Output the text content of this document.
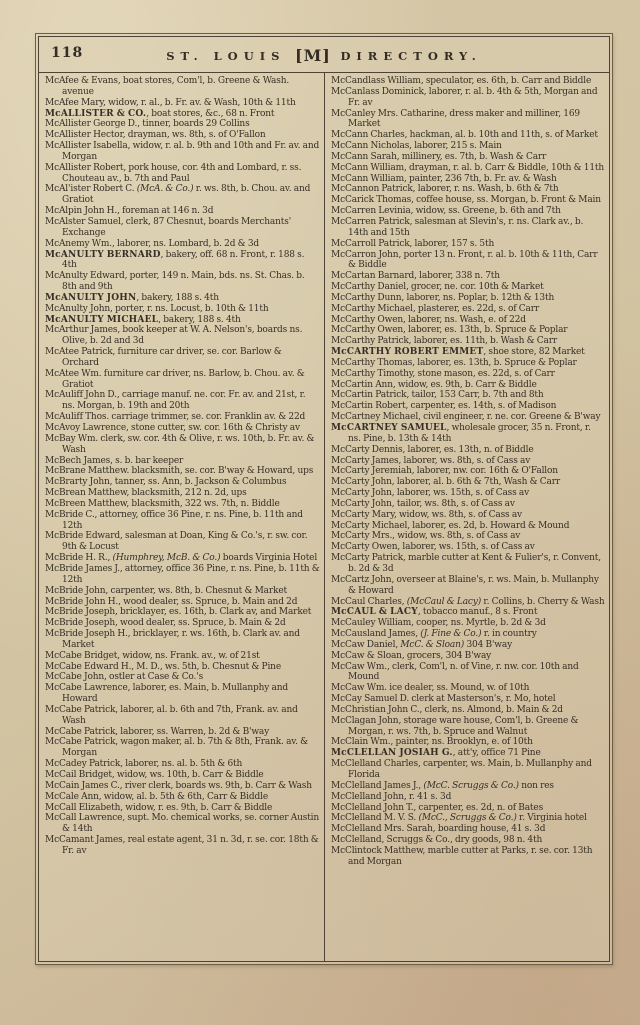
118	ST. LOUIS [M] DIRECTORY.

McAfee & Evans, boat stores, Com'l, b. Greene & Wash. avenue

McAfee Mary, widow, r. al., b. Fr. av. & Wash, 10th & 11th

McALLISTER & CO., boat stores, &c., 68 n. Front

McAllister George D., tinner, boards 29 Collins

McAllister Hector, drayman, ws. 8th, s. of O'Fallon

McAllister Isabella, widow, r. al. b. 9th and 10th and Fr. av. and Morgan

McAllister Robert, pork house, cor. 4th and Lombard, r. ss. Chouteau av., b. 7th and Paul

McAl'ister Robert C. (McA. & Co.) r. ws. 8th, b. Chou. av. and Gratiot

McAlpin John H., foreman at 146 n. 3d

McAlster Samuel, clerk, 87 Chesnut, boards Merchants' Exchange

McAnemy Wm., laborer, ns. Lombard, b. 2d & 3d

McANULTY BERNARD, bakery, off. 68 n. Front, r. 188 s. 4th

McAnulty Edward, porter, 149 n. Main, bds. ns. St. Chas. b. 8th and 9th

McANULTY JOHN, bakery, 188 s. 4th

McAnulty John, porter, r. ns. Locust, b. 10th & 11th

McANULTY MICHAEL, bakery, 188 s. 4th

McArthur James, book keeper at W. A. Nelson's, boards ns. Olive, b. 2d and 3d

McAtee Patrick, furniture car driver, se. cor. Barlow & Orchard

McAtee Wm. furniture car driver, ns. Barlow, b. Chou. av. & Gratiot

McAuliff John D., carriage manuf. ne. cor. Fr. av. and 21st, r. ns. Morgan, b. 19th and 20th

McAuliff Thos. carriage trimmer, se. cor. Franklin av. & 22d

McAvoy Lawrence, stone cutter, sw. cor. 16th & Christy av

McBay Wm. clerk, sw. cor. 4th & Olive, r. ws. 10th, b. Fr. av. & Wash

McBech James, s. b. bar keeper

McBrane Matthew. blacksmith, se. cor. B'way & Howard, ups

McBrarty John, tanner, ss. Ann, b. Jackson & Columbus

McBrean Matthew, blacksmith, 212 n. 2d, ups

McBreen Matthew, blacksmith, 322 ws. 7th, n. Biddle

McBride C., attorney, office 36 Pine, r. ns. Pine, b. 11th and 12th

McBride Edward, salesman at Doan, King & Co.'s, r. sw. cor. 9th & Locust

McBride H. R., (Humphrey, McB. & Co.) boards Virginia Hotel

McBride James J., attorney, office 36 Pine, r. ns. Pine, b. 11th & 12th

McBride John, carpenter, ws. 8th, b. Chesnut & Market

McBride John H., wood dealer, ss. Spruce, b. Main and 2d

McBride Joseph, bricklayer, es. 16th, b. Clark av, and Market

McBride Joseph, wood dealer, ss. Spruce, b. Main & 2d

McBride Joseph H., bricklayer, r. ws. 16th, b. Clark av. and Market

McCabe Bridget, widow, ns. Frank. av., w. of 21st

McCabe Edward H., M. D., ws. 5th, b. Chesnut & Pine

McCabe John, ostler at Case & Co.'s

McCabe Lawrence, laborer, es. Main, b. Mullanphy and Howard

McCabe Patrick, laborer, al. b. 6th and 7th, Frank. av. and Wash

McCabe Patrick, laborer, ss. Warren, b. 2d & B'way

McCabe Patrick, wagon maker, al. b. 7th & 8th, Frank. av. & Morgan

McCadey Patrick, laborer, ns. al. b. 5th & 6th

McCail Bridget, widow, ws. 10th, b. Carr & Biddle

McCain James C., river clerk, boards ws. 9th, b. Carr & Wash

McCale Ann, widow, al. b. 5th & 6th, Carr & Biddle

McCall Elizabeth, widow, r. es. 9th, b. Carr & Biddle

McCall Lawrence, supt. Mo. chemical works, se. corner Austin & 14th

McCamant James, real estate agent, 31 n. 3d, r. se. cor. 18th & Fr. av

McCandlass William, speculator, es. 6th, b. Carr and Biddle

McCanlass Dominick, laborer, r. al. b. 4th & 5th, Morgan and Fr. av

McCanley Mrs. Catharine, dress maker and milliner, 169 Market

McCann Charles, hackman, al. b. 10th and 11th, s. of Market

McCann Nicholas, laborer, 215 s. Main

McCann Sarah, millinery, es. 7th, b. Wash & Carr

McCann William, drayman, r. al. b. Carr & Biddle, 10th & 11th

McCann William, painter, 236 7th, b. Fr. av. & Wash

McCannon Patrick, laborer, r. ns. Wash, b. 6th & 7th

McCarick Thomas, coffee house, ss. Morgan, b. Front & Main

McCarren Levinia, widow, ss. Greene, b. 6th and 7th

McCarren Patrick, salesman at Slevin's, r. ns. Clark av., b. 14th and 15th

McCarroll Patrick, laborer, 157 s. 5th

McCarron John, porter 13 n. Front, r. al. b. 10th & 11th, Carr & Biddle

McCartan Barnard, laborer, 338 n. 7th

McCarthy Daniel, grocer, ne. cor. 10th & Market

McCarthy Dunn, laborer, ns. Poplar, b. 12th & 13th

McCarthy Michael, plasterer, es. 22d, s. of Carr

McCarthy Owen, laborer, ns. Wash, e. of 22d

McCarthy Owen, laborer, es. 13th, b. Spruce & Poplar

McCarthy Patrick, laborer, es. 11th, b. Wash & Carr

McCARTHY ROBERT EMMET, shoe store, 82 Market

McCarthy Thomas, laborer, es. 13th, b. Spruce & Poplar

McCarthy Timothy, stone mason, es. 22d, s. of Carr

McCartin Ann, widow, es. 9th, b. Carr & Biddle

McCartin Patrick, tailor, 153 Carr, b. 7th and 8th

McCartin Robert, carpenter, es. 14th, s. of Madison

McCartney Michael, civil engineer, r. ne. cor. Greene & B'way

McCARTNEY SAMUEL, wholesale grocer, 35 n. Front, r. ns. Pine, b. 13th & 14th

McCarty Dennis, laborer, es. 13th, n. of Biddle

McCarty James, laborer, ws. 8th, s. of Cass av

McCarty Jeremiah, laborer, nw. cor. 16th & O'Fallon

McCarty John, laborer, al. b. 6th & 7th, Wash & Carr

McCarty John, laborer, ws. 15th, s. of Cass av

McCarty John, tailor, ws. 8th, s. of Cass av

McCarty Mary, widow, ws. 8th, s. of Cass av

McCarty Michael, laborer, es. 2d, b. Howard & Mound

McCarty Mrs., widow, ws. 8th, s. of Cass av

McCarty Owen, laborer, ws. 15th, s. of Cass av

McCarty Patrick, marble cutter at Kent & Fulier's, r. Convent, b. 2d & 3d

McCartz John, overseer at Blaine's, r. ws. Main, b. Mullanphy & Howard

McCaul Charles, (McCaul & Lacy) r. Collins, b. Cherry & Wash

McCAUL & LACY, tobacco manuf., 8 s. Front

McCauley William, cooper, ns. Myrtle, b. 2d & 3d

McCausland James, (J. Fine & Co.) r. in country

McCaw Daniel, McC. & Sloan) 304 B'way

McCaw & Sloan, grocers, 304 B'way

McCaw Wm., clerk, Com'l, n. of Vine, r. nw. cor. 10th and Mound

McCaw Wm. ice dealer, ss. Mound, w. of 10th

McCay Samuel D. clerk at Masterson's, r. Mo, hotel

McChristian John C., clerk, ns. Almond, b. Main & 2d

McClagan John, storage ware house, Com'l, b. Greene & Morgan, r. ws. 7th, b. Spruce and Walnut

McClain Wm., painter, ns. Brooklyn, e. of 10th

McCLELLAN JOSIAH G., att'y, office 71 Pine

McClelland Charles, carpenter, ws. Main, b. Mullanphy and Florida

McClelland James J., (McC. Scruggs & Co.) non res

McClelland John, r. 41 s. 3d

McClelland John T., carpenter, es. 2d, n. of Bates

McClelland M. V. S. (McC., Scruggs & Co.) r. Virginia hotel

McClelland Mrs. Sarah, boarding house, 41 s. 3d

McClelland, Scruggs & Co., dry goods, 98 n. 4th

McClintock Matthew, marble cutter at Parks, r. se. cor. 13th and Morgan
